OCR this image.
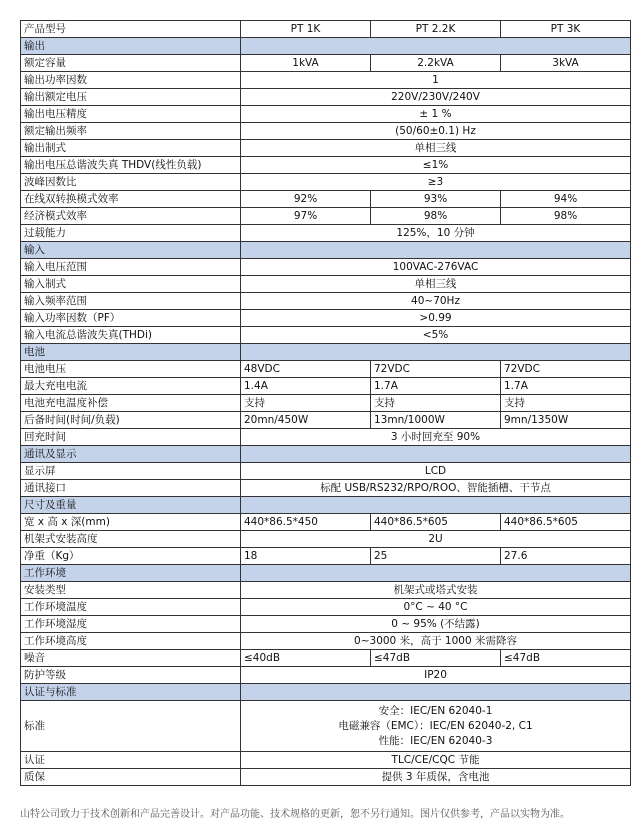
产品型号	PT 1K	PT 2.2K	PT 3K
输出			
额定容量	1kVA	2.2kVA	3kVA
输出功率因数	1		
输出额定电压	220V/230V/240V		
输出电压精度	± 1 %		
额定输出频率	(50/60±0.1) Hz		
输出制式	单相三线		
输出电压总谐波失真 THDV(线性负载)	≤1%		
波峰因数比	≥3		
在线双转换模式效率	92%	93%	94%
经济模式效率	97%	98%	98%
过载能力	125%，10 分钟		
输入			
输入电压范围	100VAC-276VAC		
输入制式	单相三线		
输入频率范围	40~70Hz		
输入功率因数（PF）	>0.99		
输入电流总谐波失真(THDi)	<5%		
电池			
电池电压	48VDC	72VDC	72VDC
最大充电电流	1.4A	1.7A	1.7A
电池充电温度补偿	支持	支持	支持
后备时间(时间/负载)	20mn/450W	13mn/1000W	9mn/1350W
回充时间	3 小时回充至 90%		
通讯及显示			
显示屏	LCD		
通讯接口	标配 USB/RS232/RPO/ROO、智能插槽、干节点		
尺寸及重量			
宽 x 高 x 深(mm)	440*86.5*450	440*86.5*605	440*86.5*605
机架式安装高度	2U		
净重（Kg）	18	25	27.6
工作环境			
安装类型	机架式或塔式安装		
工作环境温度	0°C ~ 40 °C		
工作环境湿度	0 ~ 95% (不结露)		
工作环境高度	0~3000 米，高于 1000 米需降容		
噪音	≤40dB	≤47dB	≤47dB
防护等级	IP20		
认证与标准			
标准	安全：IEC/EN 62040-1
电磁兼容（EMC）：IEC/EN 62040-2, C1
性能：IEC/EN 62040-3		

认证	TLC/CE/CQC 节能		
质保	提供 3 年质保，含电池		
山特公司致力于技术创新和产品完善设计。对产品功能、技术规格的更新，恕不另行通知。图片仅供参考，产品以实物为准。
